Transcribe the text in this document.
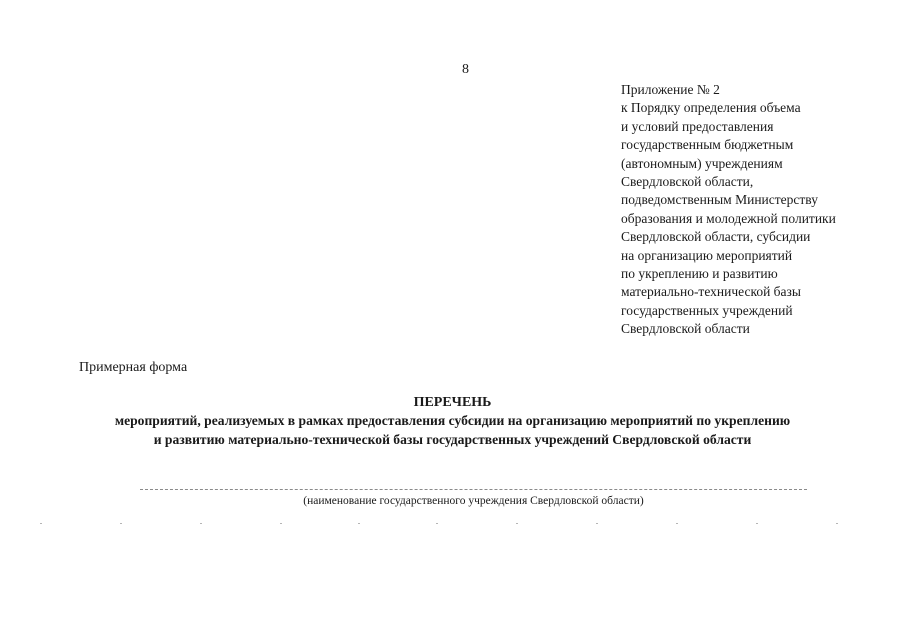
8
Приложение № 2
к Порядку определения объема
и условий предоставления
государственным бюджетным
(автономным) учреждениям
Свердловской области,
подведомственным Министерству
образования и молодежной политики
Свердловской области, субсидии
на организацию мероприятий
по укреплению и развитию
материально-технической базы
государственных учреждений
Свердловской области
Примерная форма
ПЕРЕЧЕНЬ
мероприятий, реализуемых в рамках предоставления субсидии на организацию мероприятий по укреплению
и развитию материально-технической базы государственных учреждений Свердловской области
(наименование государственного учреждения Свердловской области)
